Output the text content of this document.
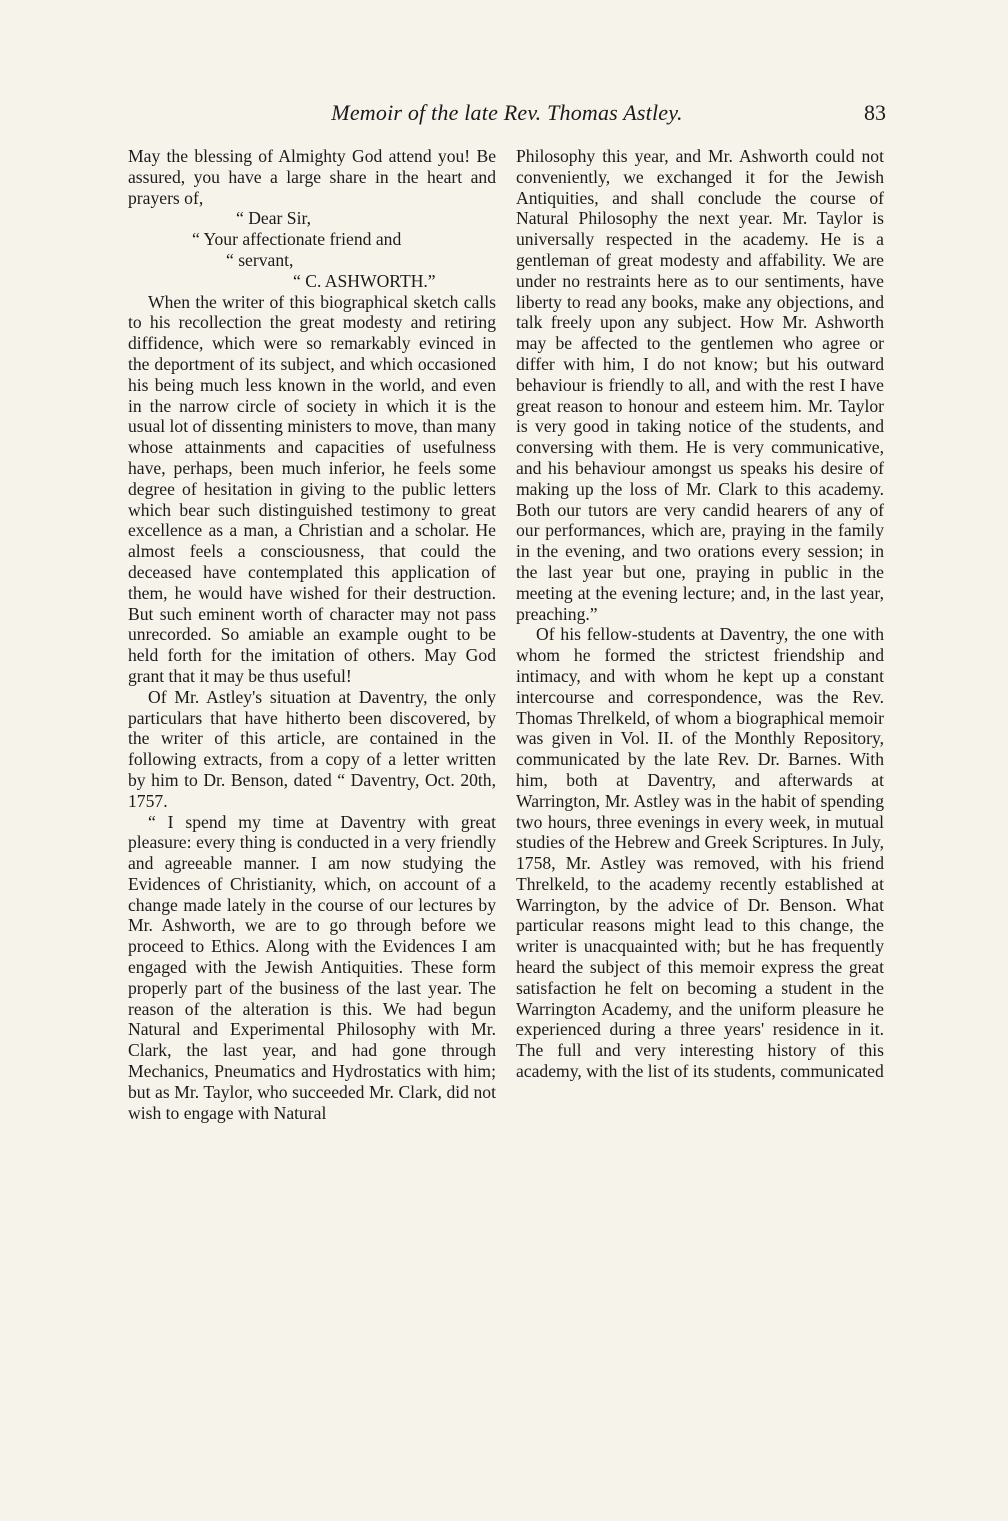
Memoir of the late Rev. Thomas Astley.	83

May the blessing of Almighty God attend you! Be assured, you have a large share in the heart and prayers of,

“ Dear Sir,

“ Your affectionate friend and

“ servant,

“ C. ASHWORTH.”

When the writer of this biographical sketch calls to his recollection the great modesty and retiring diffidence, which were so remarkably evinced in the deportment of its subject, and which occasioned his being much less known in the world, and even in the narrow circle of society in which it is the usual lot of dissenting ministers to move, than many whose attainments and capacities of usefulness have, perhaps, been much inferior, he feels some degree of hesitation in giving to the public letters which bear such distinguished testimony to great excellence as a man, a Christian and a scholar. He almost feels a consciousness, that could the deceased have contemplated this application of them, he would have wished for their destruction. But such eminent worth of character may not pass unrecorded. So amiable an example ought to be held forth for the imitation of others. May God grant that it may be thus useful!

Of Mr. Astley's situation at Daventry, the only particulars that have hitherto been discovered, by the writer of this article, are contained in the following extracts, from a copy of a letter written by him to Dr. Benson, dated “ Daventry, Oct. 20th, 1757.

“ I spend my time at Daventry with great pleasure: every thing is conducted in a very friendly and agreeable manner. I am now studying the Evidences of Christianity, which, on account of a change made lately in the course of our lectures by Mr. Ashworth, we are to go through before we proceed to Ethics. Along with the Evidences I am engaged with the Jewish Antiquities. These form properly part of the business of the last year. The reason of the alteration is this. We had begun Natural and Experimental Philosophy with Mr. Clark, the last year, and had gone through Mechanics, Pneumatics and Hydrostatics with him; but as Mr. Taylor, who succeeded Mr. Clark, did not wish to engage with Natural

Philosophy this year, and Mr. Ashworth could not conveniently, we exchanged it for the Jewish Antiquities, and shall conclude the course of Natural Philosophy the next year. Mr. Taylor is universally respected in the academy. He is a gentleman of great modesty and affability. We are under no restraints here as to our sentiments, have liberty to read any books, make any objections, and talk freely upon any subject. How Mr. Ashworth may be affected to the gentlemen who agree or differ with him, I do not know; but his outward behaviour is friendly to all, and with the rest I have great reason to honour and esteem him. Mr. Taylor is very good in taking notice of the students, and conversing with them. He is very communicative, and his behaviour amongst us speaks his desire of making up the loss of Mr. Clark to this academy. Both our tutors are very candid hearers of any of our performances, which are, praying in the family in the evening, and two orations every session; in the last year but one, praying in public in the meeting at the evening lecture; and, in the last year, preaching.”

Of his fellow-students at Daventry, the one with whom he formed the strictest friendship and intimacy, and with whom he kept up a constant intercourse and correspondence, was the Rev. Thomas Threlkeld, of whom a biographical memoir was given in Vol. II. of the Monthly Repository, communicated by the late Rev. Dr. Barnes. With him, both at Daventry, and afterwards at Warrington, Mr. Astley was in the habit of spending two hours, three evenings in every week, in mutual studies of the Hebrew and Greek Scriptures. In July, 1758, Mr. Astley was removed, with his friend Threlkeld, to the academy recently established at Warrington, by the advice of Dr. Benson. What particular reasons might lead to this change, the writer is unacquainted with; but he has frequently heard the subject of this memoir express the great satisfaction he felt on becoming a student in the Warrington Academy, and the uniform pleasure he experienced during a three years' residence in it. The full and very interesting history of this academy, with the list of its students, communicated
